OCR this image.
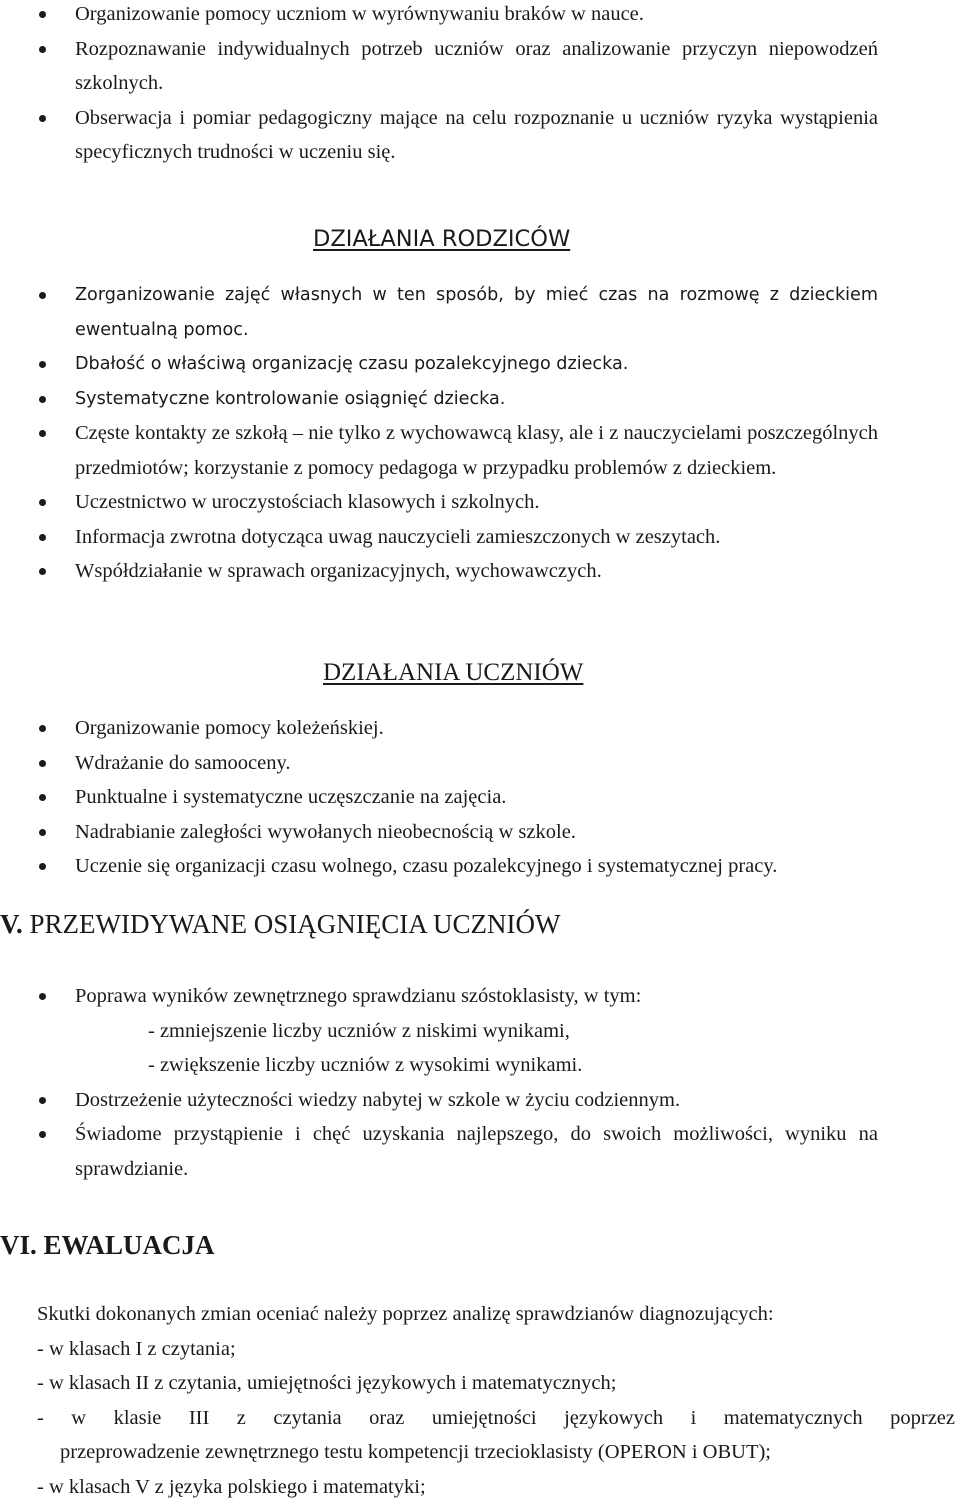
Organizowanie pomocy uczniom w wyrównywaniu braków w nauce.
Rozpoznawanie indywidualnych potrzeb uczniów oraz analizowanie przyczyn niepowodzeń szkolnych.
Obserwacja i pomiar pedagogiczny mające na celu rozpoznanie u uczniów ryzyka wystąpienia specyficznych trudności w uczeniu się.
DZIAŁANIA RODZICÓW
Zorganizowanie zajęć własnych w ten sposób, by mieć czas na rozmowę z dzieckiem ewentualną pomoc.
Dbałość o właściwą organizację czasu pozalekcyjnego dziecka.
Systematyczne kontrolowanie osiągnięć dziecka.
Częste kontakty ze szkołą – nie tylko z wychowawcą klasy, ale i z nauczycielami poszczególnych przedmiotów; korzystanie z pomocy pedagoga w przypadku problemów z dzieckiem.
Uczestnictwo w uroczystościach klasowych i szkolnych.
Informacja zwrotna dotycząca uwag nauczycieli zamieszczonych w zeszytach.
Współdziałanie w sprawach organizacyjnych, wychowawczych.
DZIAŁANIA UCZNIÓW
Organizowanie pomocy koleżeńskiej.
Wdrażanie do samooceny.
Punktualne i systematyczne uczęszczanie na zajęcia.
Nadrabianie zaległości wywołanych nieobecnością w szkole.
Uczenie się organizacji czasu wolnego, czasu pozalekcyjnego i systematycznej pracy.
V. PRZEWIDYWANE OSIĄGNIĘCIA UCZNIÓW
Poprawa wyników zewnętrznego sprawdzianu szóstoklasisty, w tym:
- zmniejszenie liczby uczniów z niskimi wynikami,
- zwiększenie liczby uczniów z wysokimi wynikami.
Dostrzeżenie użyteczności wiedzy nabytej w szkole w życiu codziennym.
Świadome przystąpienie i chęć uzyskania najlepszego, do swoich możliwości, wyniku na sprawdzianie.
VI. EWALUACJA

Skutki dokonanych zmian oceniać należy poprzez analizę sprawdzianów diagnozujących:

- w klasach I z czytania;

- w klasach II z czytania, umiejętności językowych i matematycznych;

- w klasie III z czytania oraz umiejętności językowych i matematycznych poprzez

przeprowadzenie zewnętrznego testu kompetencji trzecioklasisty (OPERON i OBUT);

- w klasach V z języka polskiego i matematyki;
